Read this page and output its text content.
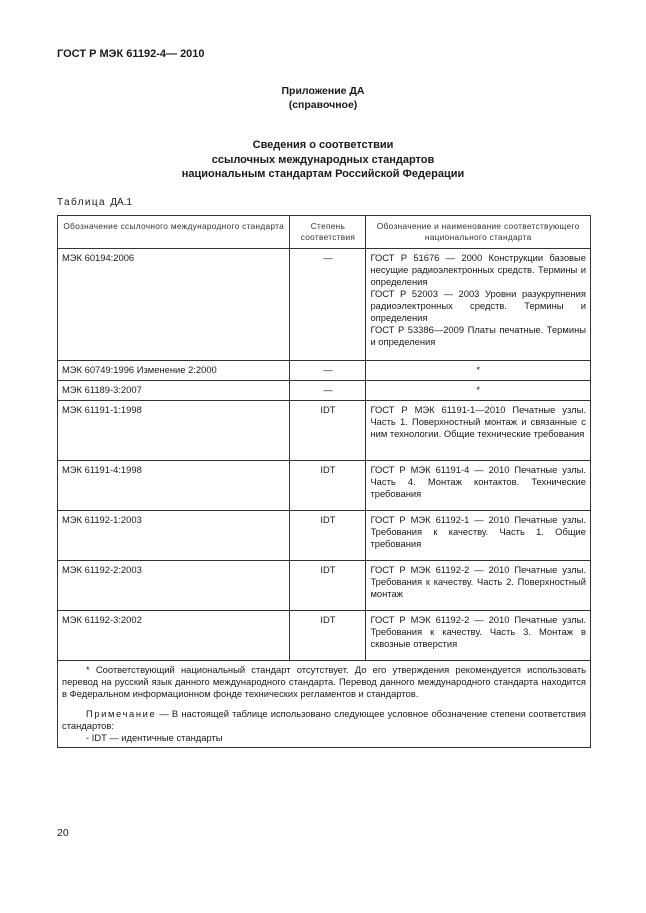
ГОСТ Р МЭК 61192-4— 2010
Приложение ДА
(справочное)
Сведения о соответствии
ссылочных международных стандартов
национальным стандартам Российской Федерации
Таблица ДА.1
Обозначение ссылочного международного стандарта	Степень соответствия	Обозначение и наименование соответствующего национального стандарта
МЭК 60194:2006	—	ГОСТ Р 51676 — 2000 Конструкции базовые несущие радиоэлектронных средств. Термины и определения
ГОСТ Р 52003 — 2003 Уровни разукрупнения радиоэлектронных средств. Термины и определения
ГОСТ Р 53386—2009 Платы печатные. Термины и определения

МЭК 60749:1996 Изменение 2:2000	—	*
МЭК 61189-3:2007	—	*
МЭК 61191-1:1998	IDT	ГОСТ Р МЭК 61191-1—2010 Печатные узлы. Часть 1. Поверхностный монтаж и связанные с ним технологии. Общие технические требования
МЭК 61191-4:1998	IDT	ГОСТ Р МЭК 61191-4 — 2010 Печатные узлы. Часть 4. Монтаж контактов. Технические требования
МЭК 61192-1:2003	IDT	ГОСТ Р МЭК 61192-1 — 2010 Печатные узлы. Требования к качеству. Часть 1. Общие требования
МЭК 61192-2:2003	IDT	ГОСТ Р МЭК 61192-2 — 2010 Печатные узлы. Требования к качеству. Часть 2. Поверхностный монтаж
МЭК 61192-3:2002	IDT	ГОСТ Р МЭК 61192-2 — 2010 Печатные узлы. Требования к качеству. Часть 3. Монтаж в сквозные отверстия

* Соответствующий национальный стандарт отсутствует. До его утверждения рекомендуется использовать перевод на русский язык данного международного стандарта. Перевод данного международного стандарта находится в Федеральном информационном фонде технических регламентов и стандартов.

Примечание — В настоящей таблице использовано следующее условное обозначение степени соответствия стандартов:

- IDT — идентичные стандарты		

20
